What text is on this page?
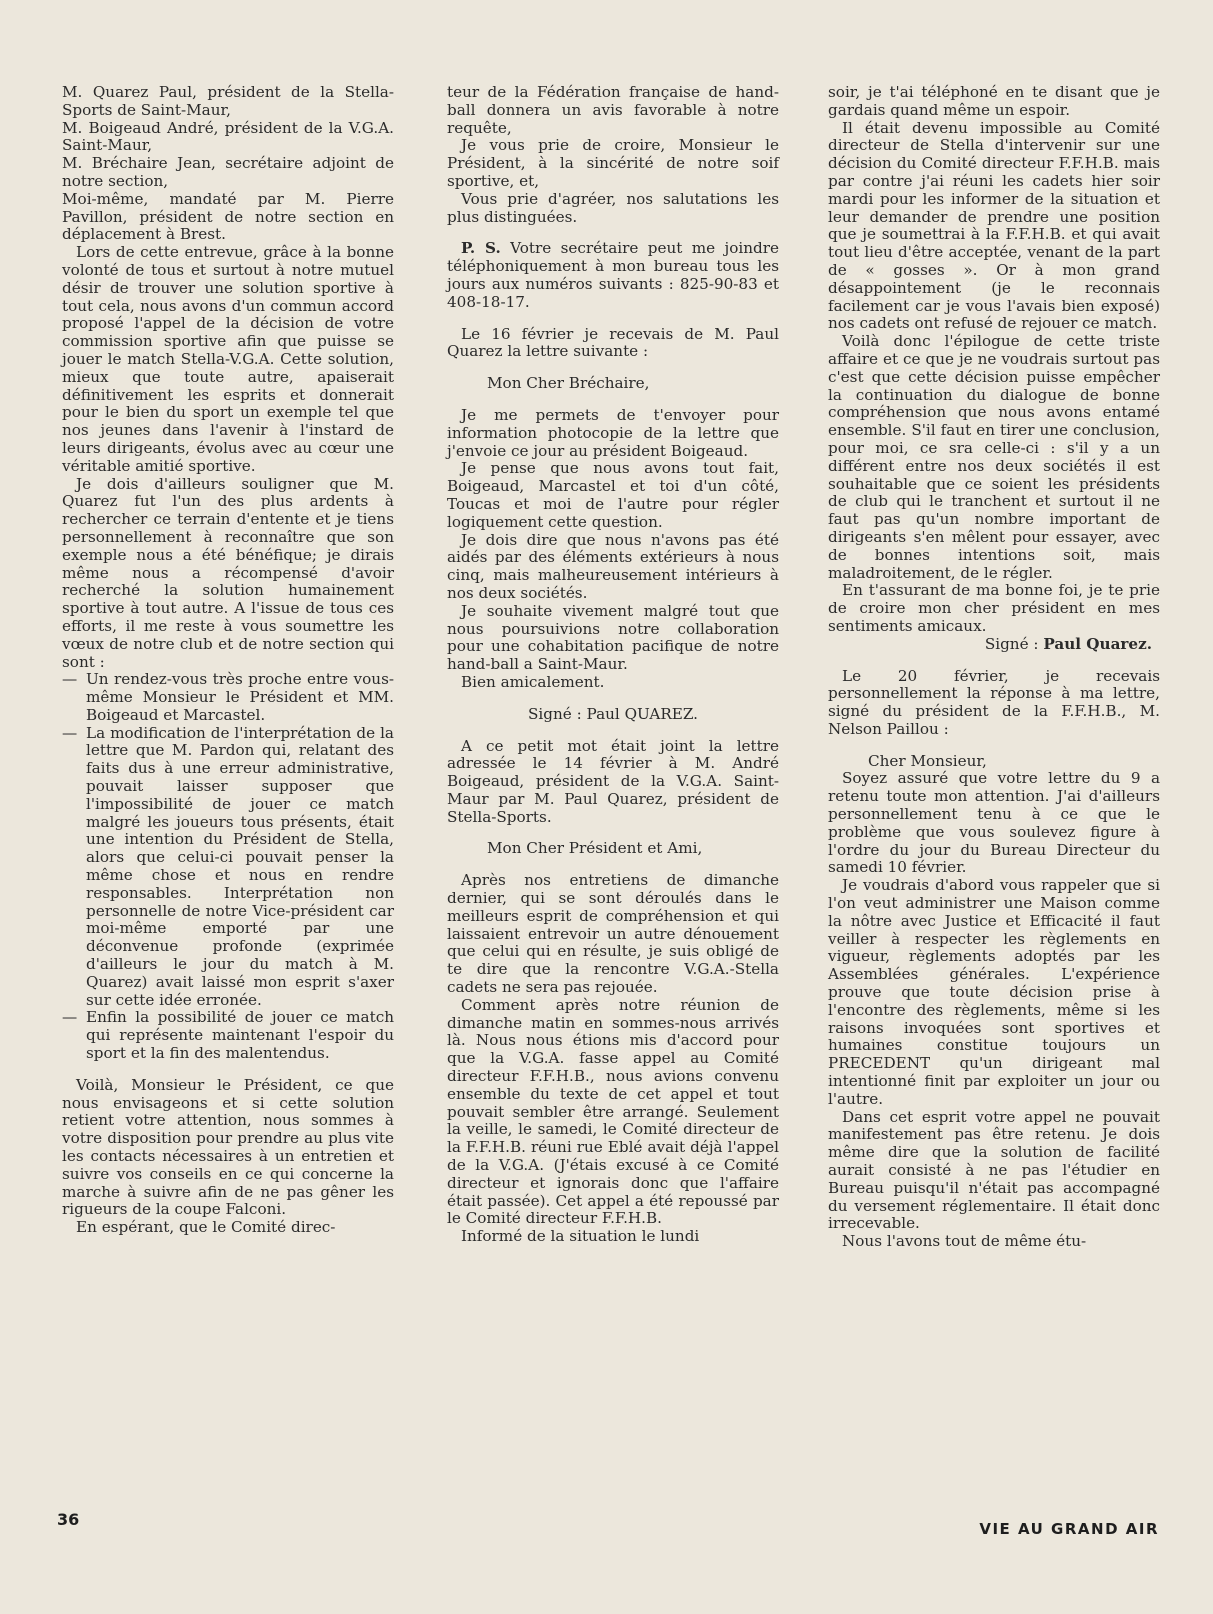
M. Quarez Paul, président de la Stella-Sports de Saint-Maur,

M. Boigeaud André, président de la V.G.A. Saint-Maur,

M. Bréchaire Jean, secrétaire adjoint de notre section,

Moi-même, mandaté par M. Pierre Pavillon, président de notre section en déplacement à Brest.

Lors de cette entrevue, grâce à la bonne volonté de tous et surtout à notre mutuel désir de trouver une solution sportive à tout cela, nous avons d'un commun accord proposé l'appel de la décision de votre commission sportive afin que puisse se jouer le match Stella-V.G.A. Cette solution, mieux que toute autre, apaiserait définitivement les esprits et donnerait pour le bien du sport un exemple tel que nos jeunes dans l'avenir à l'instard de leurs dirigeants, évolus avec au cœur une véritable amitié sportive.

Je dois d'ailleurs souligner que M. Quarez fut l'un des plus ardents à rechercher ce terrain d'entente et je tiens personnellement à reconnaître que son exemple nous a été bénéfique; je dirais même nous a récompensé d'avoir recherché la solution humainement sportive à tout autre. A l'issue de tous ces efforts, il me reste à vous soumettre les vœux de notre club et de notre section qui sont :

— Un rendez-vous très proche entre vous-même Monsieur le Président et MM. Boigeaud et Marcastel.

— La modification de l'interprétation de la lettre que M. Pardon qui, relatant des faits dus à une erreur administrative, pouvait laisser supposer que l'impossibilité de jouer ce match malgré les joueurs tous présents, était une intention du Président de Stella, alors que celui-ci pouvait penser la même chose et nous en rendre responsables. Interprétation non personnelle de notre Vice-président car moi-même emporté par une déconvenue profonde (exprimée d'ailleurs le jour du match à M. Quarez) avait laissé mon esprit s'axer sur cette idée erronée.

— Enfin la possibilité de jouer ce match qui représente maintenant l'espoir du sport et la fin des malentendus.

Voilà, Monsieur le Président, ce que nous envisageons et si cette solution retient votre attention, nous sommes à votre disposition pour prendre au plus vite les contacts nécessaires à un entretien et suivre vos conseils en ce qui concerne la marche à suivre afin de ne pas gêner les rigueurs de la coupe Falconi.

En espérant, que le Comité direc-

teur de la Fédération française de hand-ball donnera un avis favorable à notre requête,

Je vous prie de croire, Monsieur le Président, à la sincérité de notre soif sportive, et,

Vous prie d'agréer, nos salutations les plus distinguées.

P. S. Votre secrétaire peut me joindre téléphoniquement à mon bureau tous les jours aux numéros suivants : 825-90-83 et 408-18-17.

Le 16 février je recevais de M. Paul Quarez la lettre suivante :

Mon Cher Bréchaire,

Je me permets de t'envoyer pour information photocopie de la lettre que j'envoie ce jour au président Boigeaud.

Je pense que nous avons tout fait, Boigeaud, Marcastel et toi d'un côté, Toucas et moi de l'autre pour régler logiquement cette question.

Je dois dire que nous n'avons pas été aidés par des éléments extérieurs à nous cinq, mais malheureusement intérieurs à nos deux sociétés.

Je souhaite vivement malgré tout que nous poursuivions notre collaboration pour une cohabitation pacifique de notre hand-ball a Saint-Maur.

Bien amicalement.

Signé : Paul QUAREZ.

A ce petit mot était joint la lettre adressée le 14 février à M. André Boigeaud, président de la V.G.A. Saint-Maur par M. Paul Quarez, président de Stella-Sports.

Mon Cher Président et Ami,

Après nos entretiens de dimanche dernier, qui se sont déroulés dans le meilleurs esprit de compréhension et qui laissaient entrevoir un autre dénouement que celui qui en résulte, je suis obligé de te dire que la rencontre V.G.A.-Stella cadets ne sera pas rejouée.

Comment après notre réunion de dimanche matin en sommes-nous arrivés là. Nous nous étions mis d'accord pour que la V.G.A. fasse appel au Comité directeur F.F.H.B., nous avions convenu ensemble du texte de cet appel et tout pouvait sembler être arrangé. Seulement la veille, le samedi, le Comité directeur de la F.F.H.B. réuni rue Eblé avait déjà l'appel de la V.G.A. (J'étais excusé à ce Comité directeur et ignorais donc que l'affaire était passée). Cet appel a été repoussé par le Comité directeur F.F.H.B.

Informé de la situation le lundi

soir, je t'ai téléphoné en te disant que je gardais quand même un espoir.

Il était devenu impossible au Comité directeur de Stella d'intervenir sur une décision du Comité directeur F.F.H.B. mais par contre j'ai réuni les cadets hier soir mardi pour les informer de la situation et leur demander de prendre une position que je soumettrai à la F.F.H.B. et qui avait tout lieu d'être acceptée, venant de la part de « gosses ». Or à mon grand désappointement (je le reconnais facilement car je vous l'avais bien exposé) nos cadets ont refusé de rejouer ce match.

Voilà donc l'épilogue de cette triste affaire et ce que je ne voudrais surtout pas c'est que cette décision puisse empêcher la continuation du dialogue de bonne compréhension que nous avons entamé ensemble. S'il faut en tirer une conclusion, pour moi, ce sra celle-ci : s'il y a un différent entre nos deux sociétés il est souhaitable que ce soient les présidents de club qui le tranchent et surtout il ne faut pas qu'un nombre important de dirigeants s'en mêlent pour essayer, avec de bonnes intentions soit, mais maladroitement, de le régler.

En t'assurant de ma bonne foi, je te prie de croire mon cher président en mes sentiments amicaux.

Signé : Paul Quarez.

Le 20 février, je recevais personnellement la réponse à ma lettre, signé du président de la F.F.H.B., M. Nelson Paillou :

Cher Monsieur,

Soyez assuré que votre lettre du 9 a retenu toute mon attention. J'ai d'ailleurs personnellement tenu à ce que le problème que vous soulevez figure à l'ordre du jour du Bureau Directeur du samedi 10 février.

Je voudrais d'abord vous rappeler que si l'on veut administrer une Maison comme la nôtre avec Justice et Efficacité il faut veiller à respecter les règlements en vigueur, règlements adoptés par les Assemblées générales. L'expérience prouve que toute décision prise à l'encontre des règlements, même si les raisons invoquées sont sportives et humaines constitue toujours un PRECEDENT qu'un dirigeant mal intentionné finit par exploiter un jour ou l'autre.

Dans cet esprit votre appel ne pouvait manifestement pas être retenu. Je dois même dire que la solution de facilité aurait consisté à ne pas l'étudier en Bureau puisqu'il n'était pas accompagné du versement réglementaire. Il était donc irrecevable.

Nous l'avons tout de même étu-

36	VIE AU GRAND AIR
